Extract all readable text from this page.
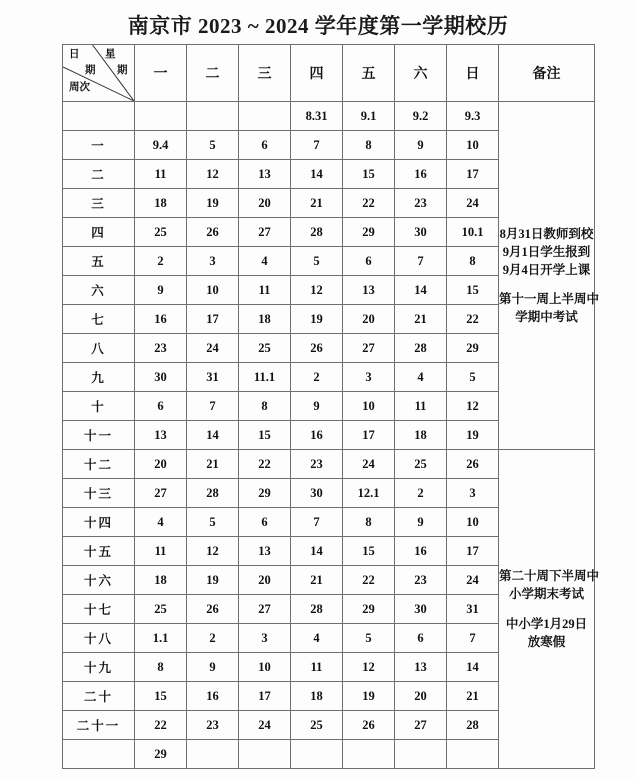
南京市 2023 ~ 2024 学年度第一学期校历
日
期
星
期
周次	一	二	三	四	五	六	日	备注
				8.31	9.1	9.2	9.3	8月31日教师到校
9月1日学生报到
9月4日开学上课
第十一周上半周中
学期中考试

一	9.4	5	6	7	8	9	10	
二	11	12	13	14	15	16	17	
三	18	19	20	21	22	23	24	
四	25	26	27	28	29	30	10.1	
五	2	3	4	5	6	7	8	
六	9	10	11	12	13	14	15	
七	16	17	18	19	20	21	22	
八	23	24	25	26	27	28	29	
九	30	31	11.1	2	3	4	5	
十	6	7	8	9	10	11	12	
十一	13	14	15	16	17	18	19	
十二	20	21	22	23	24	25	26	第二十周下半周中
小学期末考试
中小学1月29日
放寒假

十三	27	28	29	30	12.1	2	3	
十四	4	5	6	7	8	9	10	
十五	11	12	13	14	15	16	17	
十六	18	19	20	21	22	23	24	
十七	25	26	27	28	29	30	31	
十八	1.1	2	3	4	5	6	7	
十九	8	9	10	11	12	13	14	
二十	15	16	17	18	19	20	21	
二十一	22	23	24	25	26	27	28	
	29							
